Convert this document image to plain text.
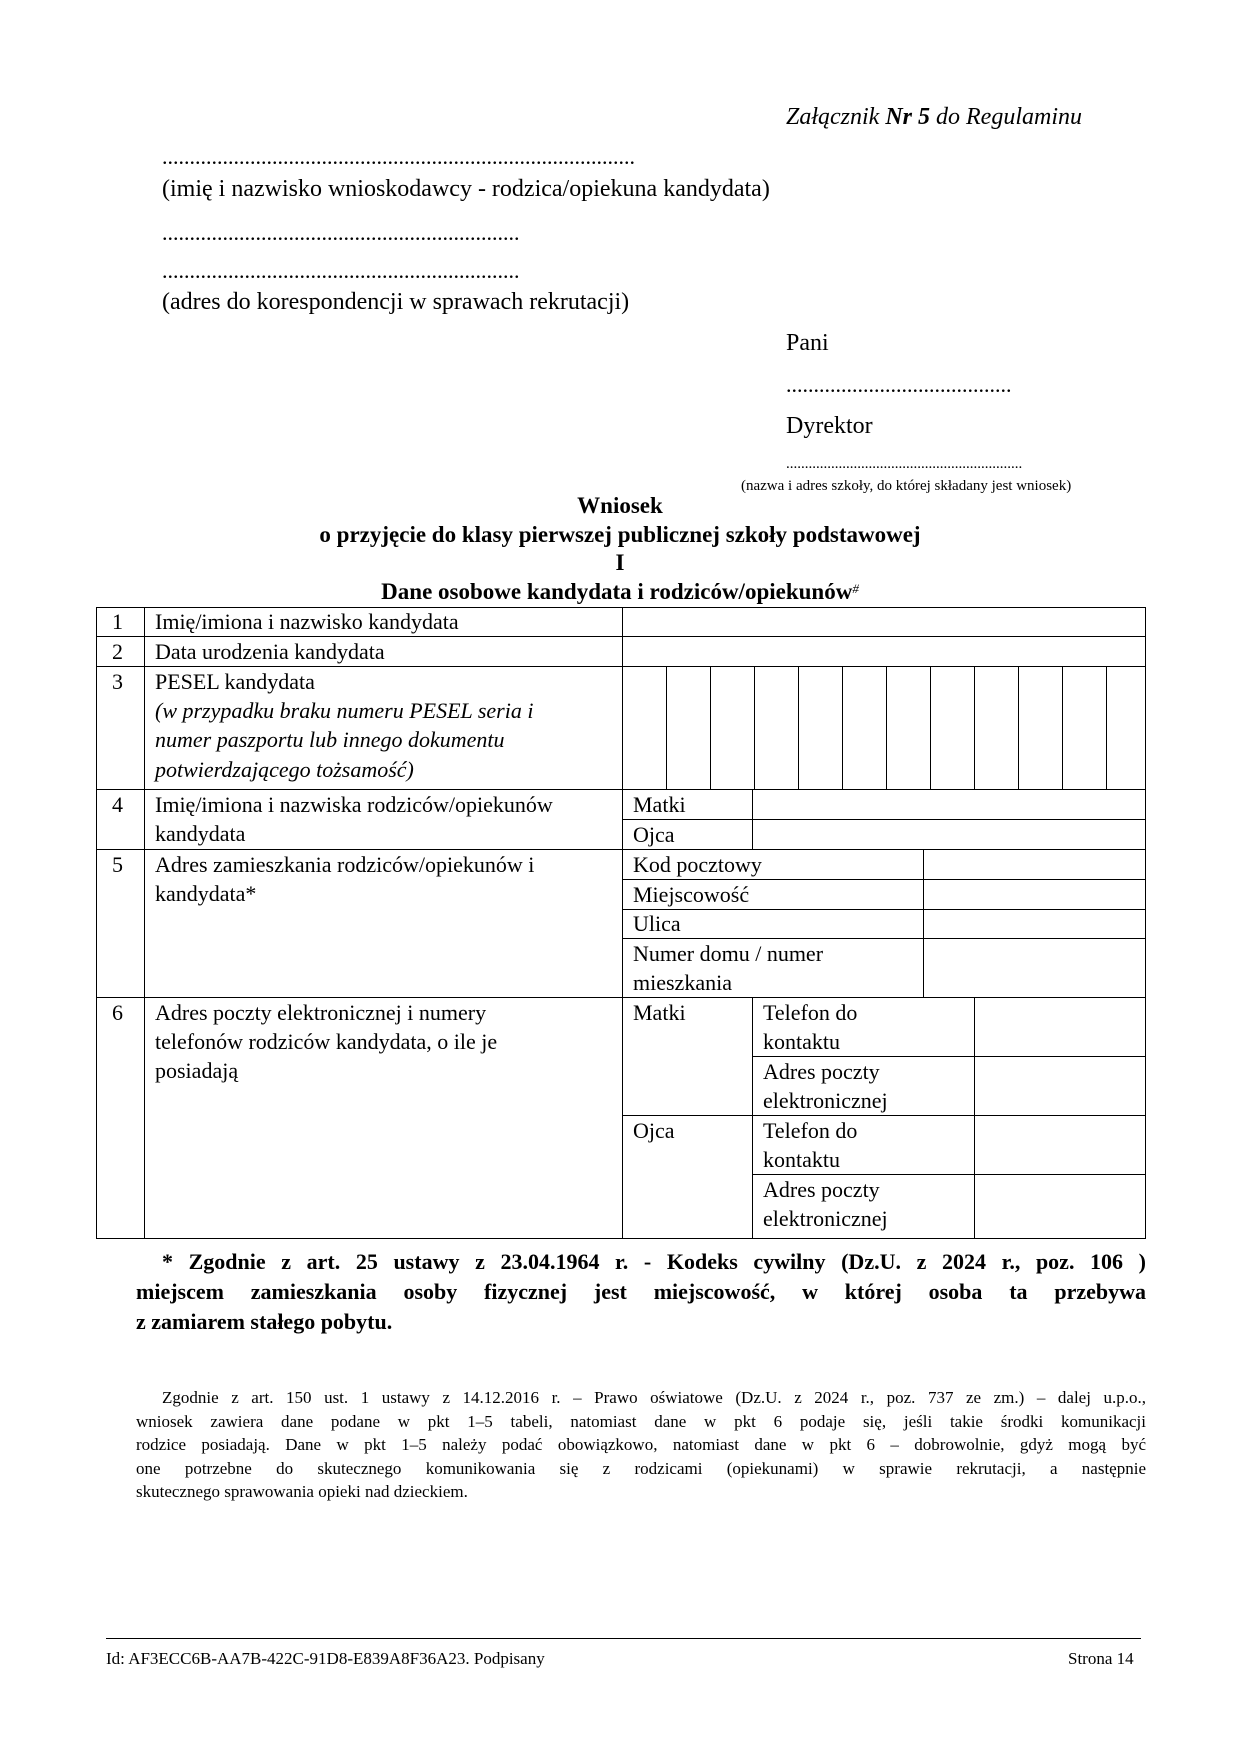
Załącznik Nr 5 do Regulaminu
......................................................................................
(imię i nazwisko wnioskodawcy - rodzica/opiekuna kandydata)
.................................................................
.................................................................
(adres do korespondencji w sprawach rekrutacji)
Pani
.........................................
Dyrektor
...............................................................
(nazwa i adres szkoły, do której składany jest wniosek)
Wniosek
o przyjęcie do klasy pierwszej publicznej szkoły podstawowej
I
Dane osobowe kandydata i rodziców/opiekunów#
1 Imię/imiona i nazwisko kandydata
2 Data urodzenia kandydata
3 PESEL kandydata
(w przypadku braku numeru PESEL seria i
numer paszportu lub innego dokumentu
potwierdzającego tożsamość)
4 Imię/imiona i nazwiska rodziców/opiekunów
kandydata
Matki
Ojca
5 Adres zamieszkania rodziców/opiekunów i
kandydata*
Kod pocztowy
Miejscowość
Ulica
Numer domu / numer
mieszkania
6 Adres poczty elektronicznej i numery
telefonów rodziców kandydata, o ile je
posiadają
Matki
Ojca
Telefon do
kontaktu
Adres poczty
elektronicznej
Telefon do
kontaktu
Adres poczty
elektronicznej
* Zgodnie z art. 25 ustawy z 23.04.1964 r. - Kodeks cywilny (Dz.U. z 2024 r., poz. 106 )
miejscem zamieszkania osoby fizycznej jest miejscowość, w której osoba ta przebywa
z zamiarem stałego pobytu.
Zgodnie z art. 150 ust. 1 ustawy z 14.12.2016 r. – Prawo oświatowe (Dz.U. z 2024 r., poz. 737 ze zm.) – dalej u.p.o.,
wniosek zawiera dane podane w pkt 1–5 tabeli, natomiast dane w pkt 6 podaje się, jeśli takie środki komunikacji
rodzice posiadają. Dane w pkt 1–5 należy podać obowiązkowo, natomiast dane w pkt 6 – dobrowolnie, gdyż mogą być
one potrzebne do skutecznego komunikowania się z rodzicami (opiekunami) w sprawie rekrutacji, a następnie
skutecznego sprawowania opieki nad dzieckiem.
Id: AF3ECC6B-AA7B-422C-91D8-E839A8F36A23. Podpisany	Strona 14
